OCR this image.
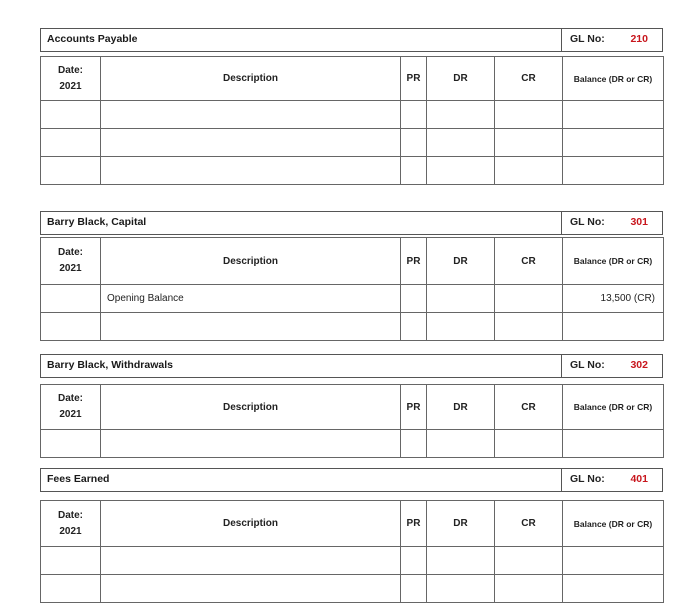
Accounts Payable	GL No: 210
Date:
2021	Description	PR	DR	CR	Balance (DR or CR)

Barry Black, Capital	GL No: 301
Date:
2021	Description	PR	DR	CR	Balance (DR or CR)
	Opening Balance				13,500 (CR)

Barry Black, Withdrawals	GL No: 302
Date:
2021	Description	PR	DR	CR	Balance (DR or CR)

Fees Earned	GL No: 401
Date:
2021	Description	PR	DR	CR	Balance (DR or CR)
